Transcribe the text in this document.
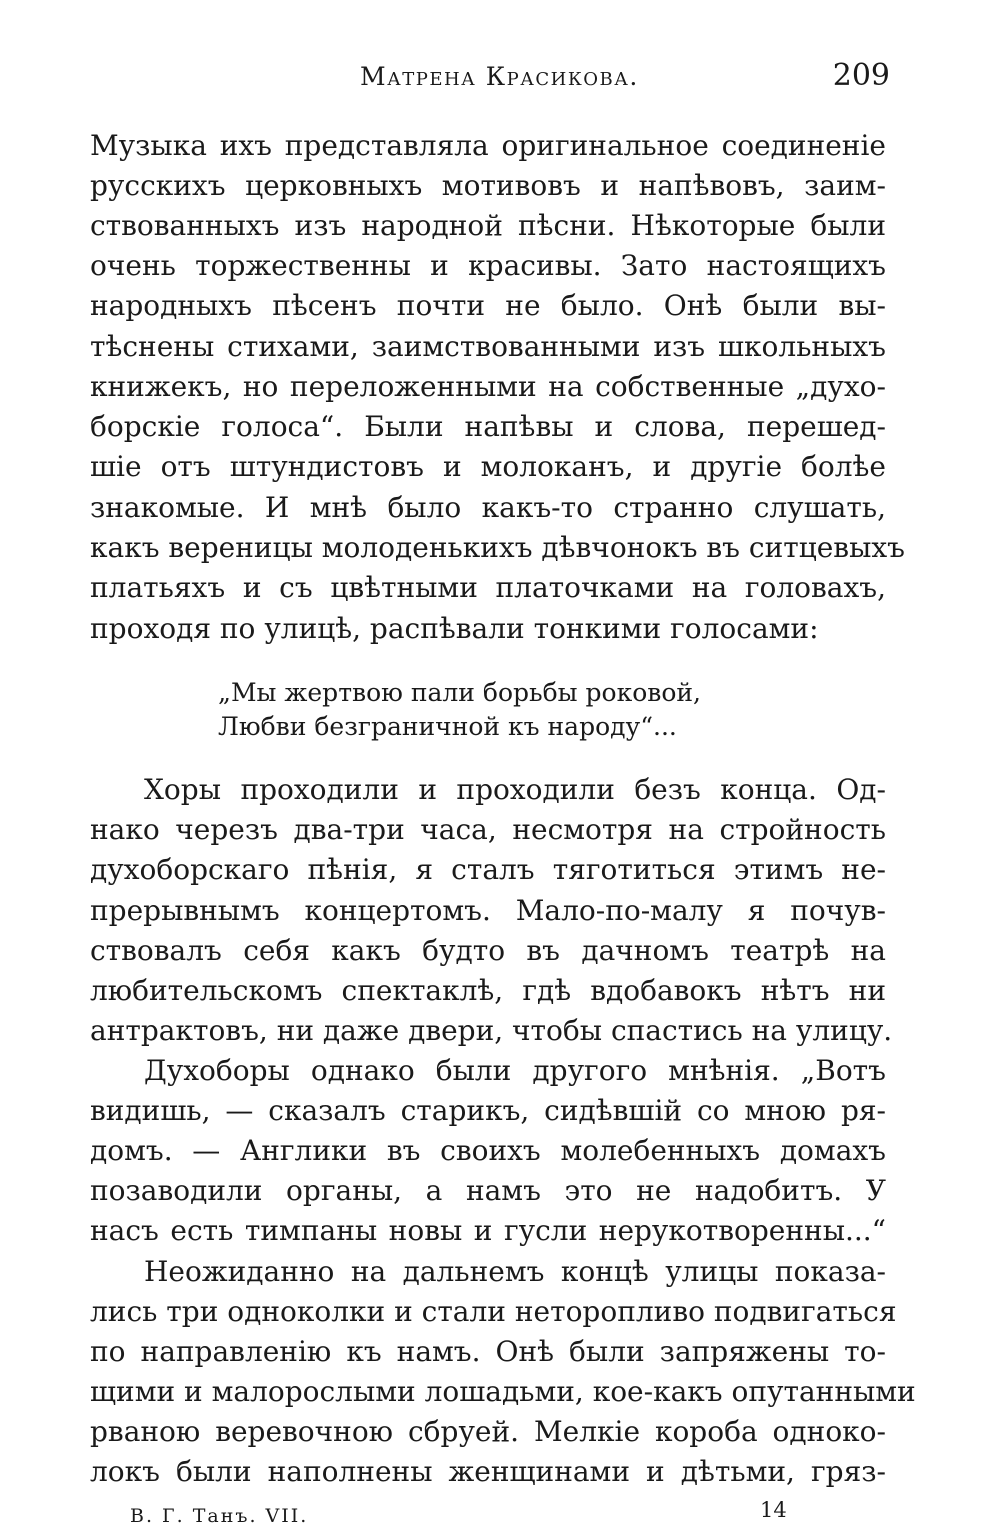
Матрена Красикова.	209
Музыка ихъ представляла оригинальное соединенie
русскихъ церковныхъ мотивовъ и напѣвовъ, заим-
ствованныхъ изъ народной пѣсни. Нѣкоторые были
очень торжественны и красивы. Зато настоящихъ
народныхъ пѣсенъ почти не было. Онѣ были вы-
тѣснены стихами, заимствованными изъ школьныхъ
книжекъ, но переложенными на собственные „духо-
борскiе голоса“. Были напѣвы и слова, перешед-
шie отъ штундистовъ и молоканъ, и другie болѣе
знакомые. И мнѣ было какъ-то странно слушать,
какъ вереницы молоденькихъ дѣвчонокъ въ ситцевыхъ
платьяхъ и съ цвѣтными платочками на головахъ,
проходя по улицѣ, распѣвали тонкими голосами:
„Мы жертвою пали борьбы роковой,
Любви безграничной къ народу“...
Хоры проходили и проходили безъ конца. Од-
нако черезъ два-три часа, несмотря на стройность
духоборскаго пѣнiя, я сталъ тяготиться этимъ не-
прерывнымъ концертомъ. Мало-по-малу я почув-
ствовалъ себя какъ будто въ дачномъ театрѣ на
любительскомъ спектаклѣ, гдѣ вдобавокъ нѣтъ ни
антрактовъ, ни даже двери, чтобы спастись на улицу.
Духоборы однако были другого мнѣнiя. „Вотъ
видишь, — сказалъ старикъ, сидѣвшiй со мною ря-
домъ. — Англики въ своихъ молебенныхъ домахъ
позаводили органы, а намъ это не надобитъ. У
насъ есть тимпаны новы и гусли нерукотворенны...“
Неожиданно на дальнемъ концѣ улицы показа-
лись три одноколки и стали неторопливо подвигаться
по направленiю къ намъ. Онѣ были запряжены то-
щими и малорослыми лошадьми, кое-какъ опутанными
рваною веревочною сбруей. Мелкie короба одноко-
локъ были наполнены женщинами и дѣтьми, гряз-
В. Г. Танъ. VII.	14
